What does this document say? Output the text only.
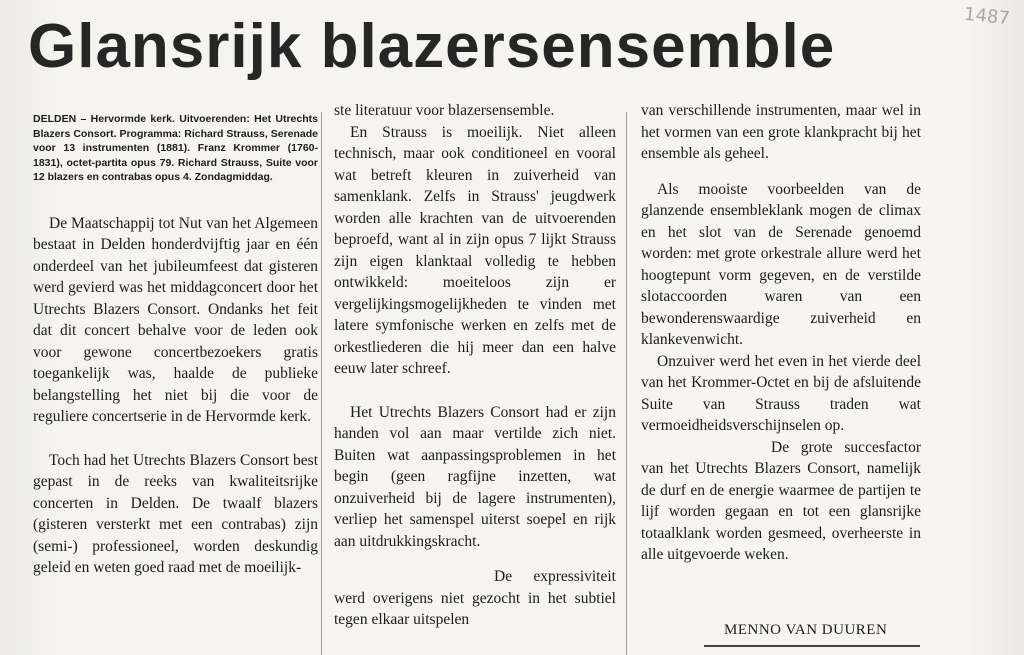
Glansrijk blazersensemble	1487

DELDEN – Hervormde kerk. Uitvoerenden: Het Utrechts Blazers Consort. Programma: Richard Strauss, Serenade voor 13 instrumenten (1881). Franz Krommer (1760-1831), octet-partita opus 79. Richard Strauss, Suite voor 12 blazers en contrabas opus 4. Zondagmiddag.

De Maatschappij tot Nut van het Algemeen bestaat in Delden honderdvijftig jaar en één onderdeel van het jubileumfeest dat gisteren werd gevierd was het middagconcert door het Utrechts Blazers Consort. Ondanks het feit dat dit concert behalve voor de leden ook voor gewone concertbezoekers gratis toegankelijk was, haalde de publieke belangstelling het niet bij die voor de reguliere concertserie in de Hervormde kerk.

Toch had het Utrechts Blazers Consort best gepast in de reeks van kwaliteitsrijke concerten in Delden. De twaalf blazers (gisteren versterkt met een contrabas) zijn (semi-) professioneel, worden deskundig geleid en weten goed raad met de moeilijk-

ste literatuur voor blazersensemble.

En Strauss is moeilijk. Niet alleen technisch, maar ook conditioneel en vooral wat betreft kleuren in zuiverheid van samenklank. Zelfs in Strauss' jeugdwerk worden alle krachten van de uitvoerenden beproefd, want al in zijn opus 7 lijkt Strauss zijn eigen klanktaal volledig te hebben ontwikkeld: moeiteloos zijn er vergelijkingsmogelijkheden te vinden met latere symfonische werken en zelfs met de orkestliederen die hij meer dan een halve eeuw later schreef.

Het Utrechts Blazers Consort had er zijn handen vol aan maar vertilde zich niet. Buiten wat aanpassingsproblemen in het begin (geen ragfijne inzetten, wat onzuiverheid bij de lagere instrumenten), verliep het samenspel uiterst soepel en rijk aan uitdrukkingskracht.

De expressiviteit werd overigens niet gezocht in het subtiel tegen elkaar uitspelen

van verschillende instrumenten, maar wel in het vormen van een grote klankpracht bij het ensemble als geheel.

Als mooiste voorbeelden van de glanzende ensembleklank mogen de climax en het slot van de Serenade genoemd worden: met grote orkestrale allure werd het hoogtepunt vorm gegeven, en de verstilde slotaccoorden waren van een bewonderenswaardige zuiverheid en klankevenwicht.

Onzuiver werd het even in het vierde deel van het Krommer-Octet en bij de afsluitende Suite van Strauss traden wat vermoeidheidsverschijnselen op.

De grote succesfactor van het Utrechts Blazers Consort, namelijk de durf en de energie waarmee de partijen te lijf worden gegaan en tot een glansrijke totaalklank worden gesmeed, overheerste in alle uitgevoerde weken.

MENNO VAN DUUREN
